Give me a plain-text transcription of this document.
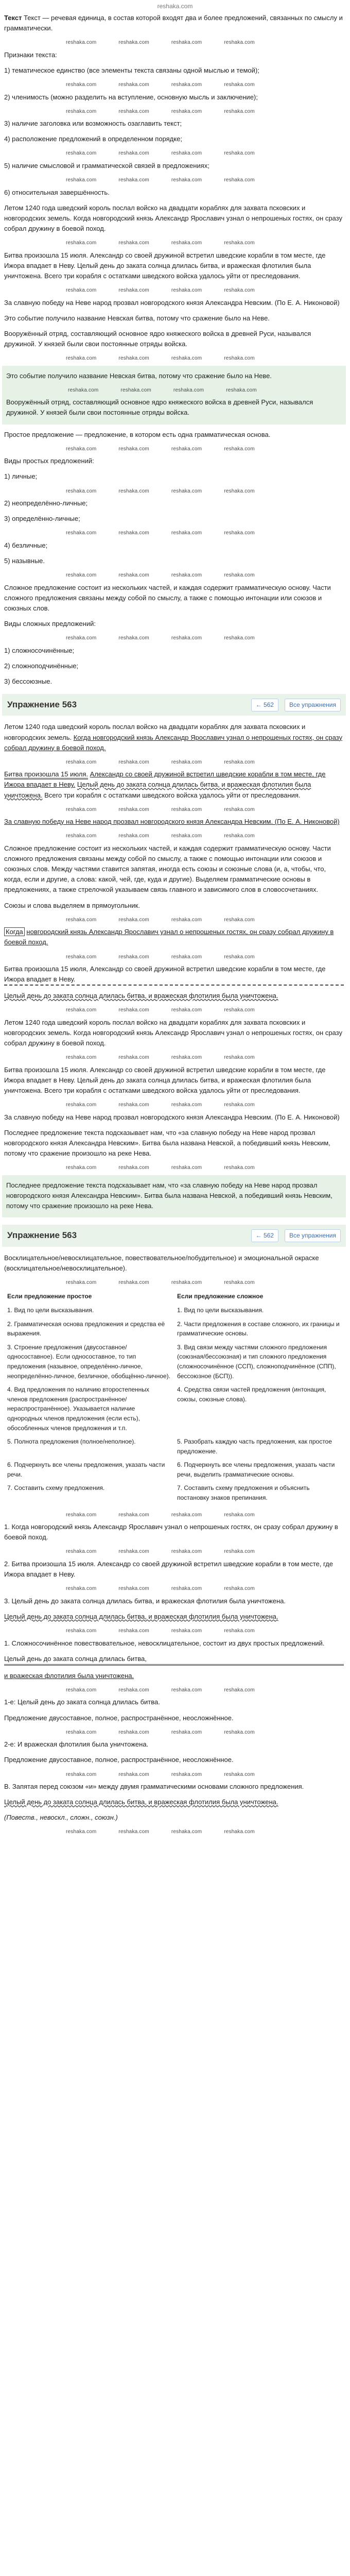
reshaka.com

Текст Текст — речевая единица, в состав которой входят два и более предложений, связанных по смыслу и грамматически.

reshaka.com reshaka.com reshaka.com reshaka.com

Признаки текста:

1) тематическое единство (все элементы текста связаны одной мыслью и темой);

reshaka.com reshaka.com reshaka.com reshaka.com

2) членимость (можно разделить на вступление, основную мысль и заключение);

reshaka.com reshaka.com reshaka.com reshaka.com

3) наличие заголовка или возможность озаглавить текст;

4) расположение предложений в определенном порядке;

reshaka.com reshaka.com reshaka.com reshaka.com

5) наличие смысловой и грамматической связей в предложениях;

reshaka.com reshaka.com reshaka.com reshaka.com

6) относительная завершённость.

Летом 1240 года шведский король послал войско на двадцати кораблях для захвата псковских и новгородских земель. Когда новгородский князь Александр Ярославич узнал о непрошеных гостях, он сразу собрал дружину в боевой поход.

reshaka.com reshaka.com reshaka.com reshaka.com

Битва произошла 15 июля. Александр со своей дружиной встретил шведские корабли в том месте, где Ижора впадает в Неву. Целый день до заката солнца длилась битва, и вражеская флотилия была уничтожена. Всего три корабля с остатками шведского войска удалось уйти от преследования.

reshaka.com reshaka.com reshaka.com reshaka.com

За славную победу на Неве народ прозвал новгородского князя Александра Невским. (По Е. А. Никоновой)

Это событие получило название Невская битва, потому что сражение было на Неве.

Вооружённый отряд, составляющий основное ядро княжеского войска в древней Руси, назывался дружиной. У князей были свои постоянные отряды войска.

reshaka.com reshaka.com reshaka.com reshaka.com

Это событие получило название Невская битва, потому что сражение было на Неве.

reshaka.com reshaka.com reshaka.com reshaka.com

Вооружённый отряд, составляющий основное ядро княжеского войска в древней Руси, назывался дружиной. У князей были свои постоянные отряды войска.

Простое предложение — предложение, в котором есть одна грамматическая основа.

reshaka.com reshaka.com reshaka.com reshaka.com

Виды простых предложений:

1) личные;

reshaka.com reshaka.com reshaka.com reshaka.com

2) неопределённо-личные;

3) определённо-личные;

reshaka.com reshaka.com reshaka.com reshaka.com

4) безличные;

5) назывные.

reshaka.com reshaka.com reshaka.com reshaka.com

Сложное предложение состоит из нескольких частей, и каждая содержит грамматическую основу. Части сложного предложения связаны между собой по смыслу, а также с помощью интонации или союзов и союзных слов.

Виды сложных предложений:

reshaka.com reshaka.com reshaka.com reshaka.com

1) сложносочинённые;

2) сложноподчинённые;

3) бессоюзные.

Упражнение 563	← 562	Все упражнения

Летом 1240 года шведский король послал войско на двадцати кораблях для захвата псковских и новгородских земель. Когда новгородский князь Александр Ярославич узнал о непрошеных гостях, он сразу собрал дружину в боевой поход.

reshaka.com reshaka.com reshaka.com reshaka.com

Битва произошла 15 июля. Александр со своей дружиной встретил шведские корабли в том месте, где Ижора впадает в Неву. Целый день до заката солнца длилась битва, и вражеская флотилия была уничтожена. Всего три корабля с остатками шведского войска удалось уйти от преследования.

reshaka.com reshaka.com reshaka.com reshaka.com

За славную победу на Неве народ прозвал новгородского князя Александра Невским. (По Е. А. Никоновой)

reshaka.com reshaka.com reshaka.com reshaka.com

Сложное предложение состоит из нескольких частей, и каждая содержит грамматическую основу. Части сложного предложения связаны между собой по смыслу, а также с помощью интонации или союзов и союзных слов. Между частями ставится запятая, иногда есть союзы и союзные слова (и, а, чтобы, что, когда, если и другие, а слова: какой, чей, где, куда и другие). Выделяем грамматические основы в предложениях, а также стрелочкой указываем связь главного и зависимого слов в словосочетаниях.

Союзы и слова выделяем в прямоугольник.

reshaka.com reshaka.com reshaka.com reshaka.com

Когда новгородский князь Александр Ярославич узнал о непрошеных гостях, он сразу собрал дружину в боевой поход.

reshaka.com reshaka.com reshaka.com reshaka.com

Битва произошла 15 июля, Александр со своей дружиной встретил шведские корабли в том месте, где Ижора впадает в Неву.

Целый день до заката солнца длилась битва, и вражеская флотилия была уничтожена.

reshaka.com reshaka.com reshaka.com reshaka.com

Летом 1240 года шведский король послал войско на двадцати кораблях для захвата псковских и новгородских земель. Когда новгородский князь Александр Ярославич узнал о непрошеных гостях, он сразу собрал дружину в боевой поход.

reshaka.com reshaka.com reshaka.com reshaka.com

Битва произошла 15 июля. Александр со своей дружиной встретил шведские корабли в том месте, где Ижора впадает в Неву. Целый день до заката солнца длилась битва, и вражеская флотилия была уничтожена. Всего три корабля с остатками шведского войска удалось уйти от преследования.

reshaka.com reshaka.com reshaka.com reshaka.com

За славную победу на Неве народ прозвал новгородского князя Александра Невским. (По Е. А. Никоновой)

Последнее предложение текста подсказывает нам, что «за славную победу на Неве народ прозвал новгородского князя Александра Невским». Битва была названа Невской, а победивший князь Невским, потому что сражение произошло на реке Нева.

reshaka.com reshaka.com reshaka.com reshaka.com

Последнее предложение текста подсказывает нам, что «за славную победу на Неве народ прозвал новгородского князя Александра Невским». Битва была названа Невской, а победивший князь Невским, потому что сражение произошло на реке Нева.

Упражнение 563	← 562	Все упражнения

Восклицательное/невосклицательное, повествовательное/побудительное) и эмоциональной окраске (восклицательное/невосклицательное).

reshaka.com reshaka.com reshaka.com reshaka.com
Если предложение простое	Если предложение сложное
1. Вид по цели высказывания.	1. Вид по цели высказывания.
2. Грамматическая основа предложения и средства её выражения.	2. Части предложения в составе сложного, их границы и грамматические основы.
3. Строение предложения (двусоставное/односоставное). Если односоставное, то тип предложения (назывное, определённо-личное, неопределённо-личное, безличное, обобщённо-личное).	3. Вид связи между частями сложного предложения (союзная/бессоюзная) и тип сложного предложения (сложносочинённое (ССП), сложноподчинённое (СПП), бессоюзное (БСП)).
4. Вид предложения по наличию второстепенных членов предложения (распространённое/нераспространённое). Указывается наличие однородных членов предложения (если есть), обособленных членов предложения и т.п.	4. Средства связи частей предложения (интонация, союзы, союзные слова).
5. Полнота предложения (полное/неполное).	5. Разобрать каждую часть предложения, как простое предложение.
6. Подчеркнуть все члены предложения, указать части речи.	6. Подчеркнуть все члены предложения, указать части речи, выделить грамматические основы.
7. Составить схему предложения.	7. Составить схему предложения и объяснить постановку знаков препинания.
reshaka.com reshaka.com reshaka.com reshaka.com

1. Когда новгородский князь Александр Ярославич узнал о непрошеных гостях, он сразу собрал дружину в боевой поход.

reshaka.com reshaka.com reshaka.com reshaka.com

2. Битва произошла 15 июля. Александр со своей дружиной встретил шведские корабли в том месте, где Ижора впадает в Неву.

reshaka.com reshaka.com reshaka.com reshaka.com

3. Целый день до заката солнца длилась битва, и вражеская флотилия была уничтожена.

Целый день до заката солнца длилась битва, и вражеская флотилия была уничтожена.

reshaka.com reshaka.com reshaka.com reshaka.com

1. Сложносочинённое повествовательное, невосклицательное, состоит из двух простых предложений.

Целый день до заката солнца длилась битва,

и вражеская флотилия была уничтожена.

reshaka.com reshaka.com reshaka.com reshaka.com

1-е: Целый день до заката солнца длилась битва.

Предложение двусоставное, полное, распространённое, неосложнённое.

reshaka.com reshaka.com reshaka.com reshaka.com

2-е: И вражеская флотилия была уничтожена.

Предложение двусоставное, полное, распространённое, неосложнённое.

reshaka.com reshaka.com reshaka.com reshaka.com

В. Запятая перед союзом «и» между двумя грамматическими основами сложного предложения.

Целый день до заката солнца длилась битва, и вражеская флотилия была уничтожена.

(Повеств., невоскл., сложн., союзн.)

reshaka.com reshaka.com reshaka.com reshaka.com
